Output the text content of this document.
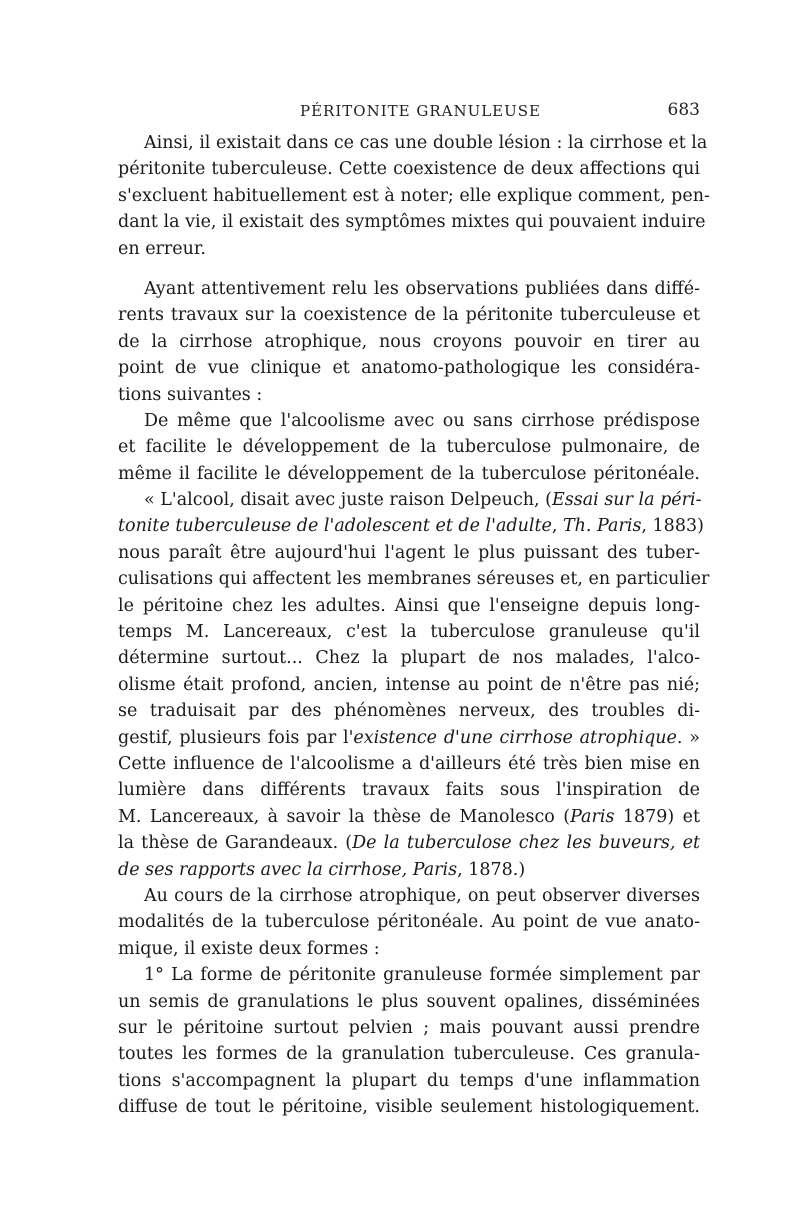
PÉRITONITE GRANULEUSE	683
Ainsi, il existait dans ce cas une double lésion : la cirrhose et la
péritonite tuberculeuse. Cette coexistence de deux affections qui
s'excluent habituellement est à noter; elle explique comment, pen-
dant la vie, il existait des symptômes mixtes qui pouvaient induire
en erreur.
Ayant attentivement relu les observations publiées dans diffé-
rents travaux sur la coexistence de la péritonite tuberculeuse et
de la cirrhose atrophique, nous croyons pouvoir en tirer au
point de vue clinique et anatomo-pathologique les considéra-
tions suivantes :
De même que l'alcoolisme avec ou sans cirrhose prédispose
et facilite le développement de la tuberculose pulmonaire, de
même il facilite le développement de la tuberculose péritonéale.
« L'alcool, disait avec juste raison Delpeuch, (Essai sur la péri-
tonite tuberculeuse de l'adolescent et de l'adulte, Th. Paris, 1883)
nous paraît être aujourd'hui l'agent le plus puissant des tuber-
culisations qui affectent les membranes séreuses et, en particulier
le péritoine chez les adultes. Ainsi que l'enseigne depuis long-
temps M. Lancereaux, c'est la tuberculose granuleuse qu'il
détermine surtout... Chez la plupart de nos malades, l'alco-
olisme était profond, ancien, intense au point de n'être pas nié;
se traduisait par des phénomènes nerveux, des troubles di-
gestif, plusieurs fois par l'existence d'une cirrhose atrophique. »
Cette influence de l'alcoolisme a d'ailleurs été très bien mise en
lumière dans différents travaux faits sous l'inspiration de
M. Lancereaux, à savoir la thèse de Manolesco (Paris 1879) et
la thèse de Garandeaux. (De la tuberculose chez les buveurs, et
de ses rapports avec la cirrhose, Paris, 1878.)
Au cours de la cirrhose atrophique, on peut observer diverses
modalités de la tuberculose péritonéale. Au point de vue anato-
mique, il existe deux formes :
1° La forme de péritonite granuleuse formée simplement par
un semis de granulations le plus souvent opalines, disséminées
sur le péritoine surtout pelvien ; mais pouvant aussi prendre
toutes les formes de la granulation tuberculeuse. Ces granula-
tions s'accompagnent la plupart du temps d'une inflammation
diffuse de tout le péritoine, visible seulement histologiquement.
